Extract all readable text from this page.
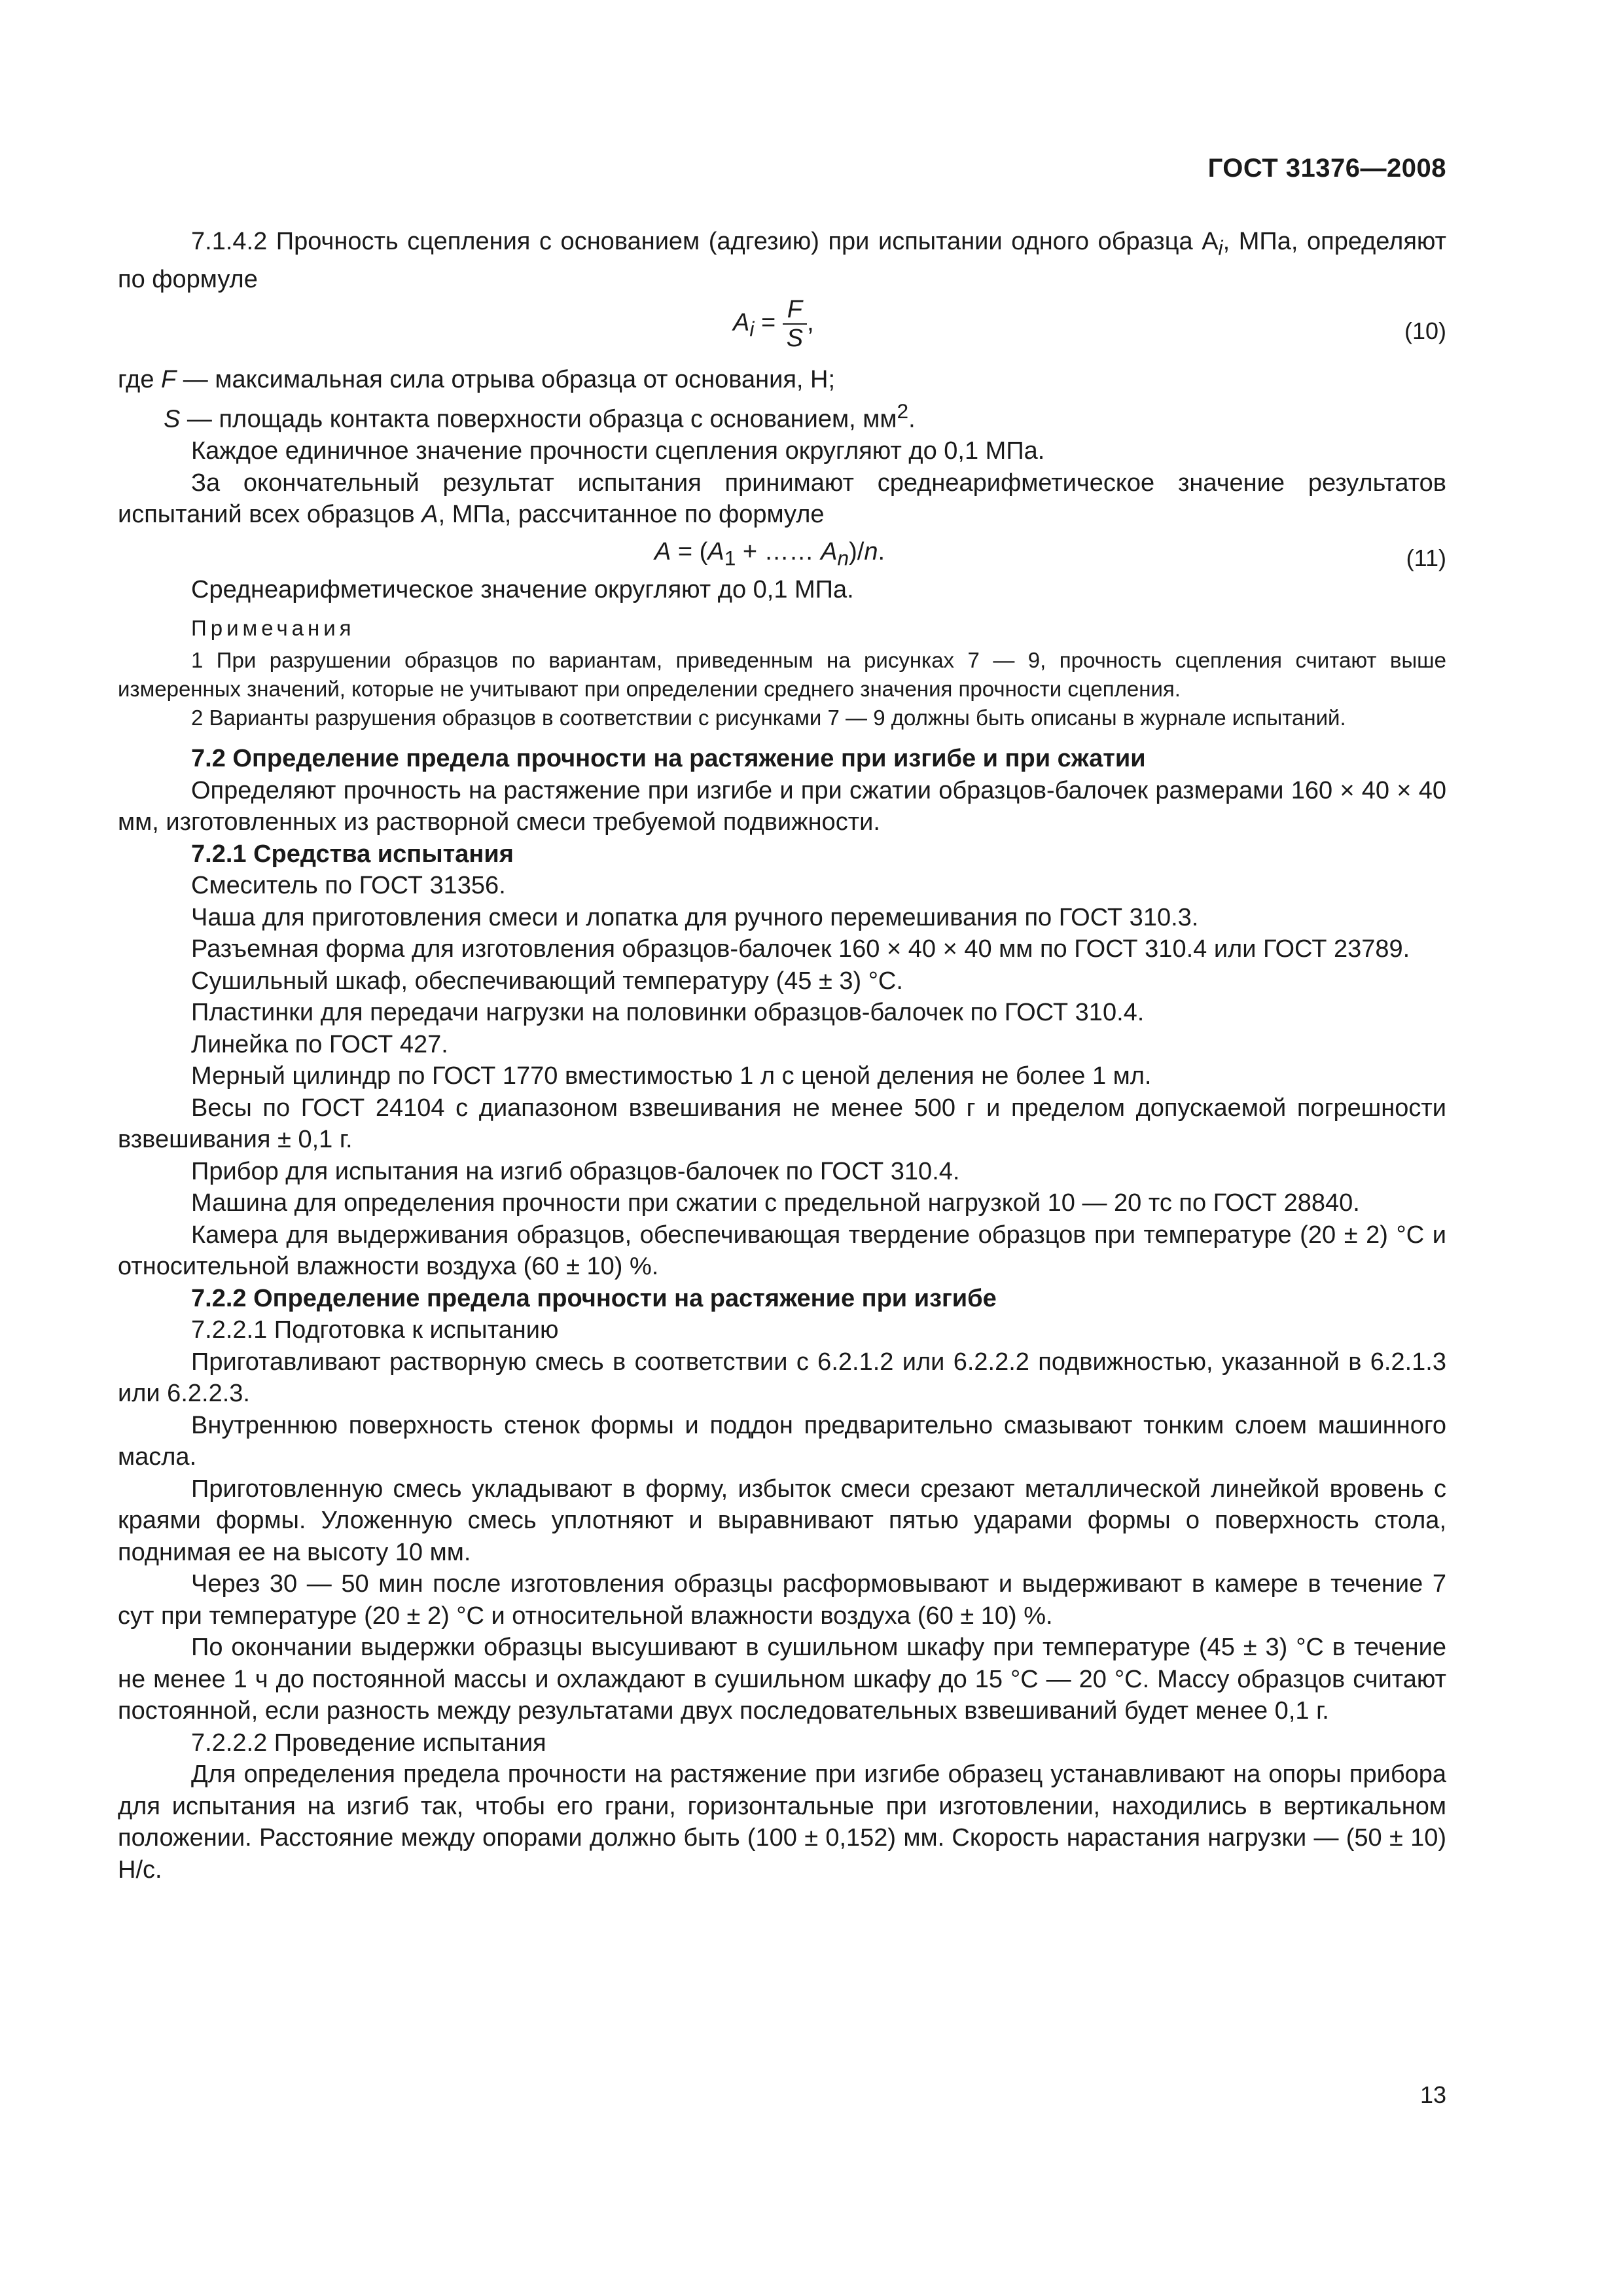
ГОСТ 31376—2008

7.1.4.2 Прочность сцепления с основанием (адгезию) при испытании одного образца $A_i$, МПа, определяют по формуле

$A_i = \frac{F}{S}$ ,	(10)

где F — максимальная сила отрыва образца от основания, Н;

S — площадь контакта поверхности образца с основанием, $мм^2$.

Каждое единичное значение прочности сцепления округляют до 0,1 МПа.

За окончательный результат испытания принимают среднеарифметическое значение результатов испытаний всех образцов A, МПа, рассчитанное по формуле

$A = (A_1$ + …… $A_n)/n$.	(11)

Среднеарифметическое значение округляют до 0,1 МПа.

Примечания

1 При разрушении образцов по вариантам, приведенным на рисунках 7 — 9, прочность сцепления считают выше измеренных значений, которые не учитывают при определении среднего значения прочности сцепления.

2 Варианты разрушения образцов в соответствии с рисунками 7 — 9 должны быть описаны в журнале испытаний.

7.2 Определение предела прочности на растяжение при изгибе и при сжатии

Определяют прочность на растяжение при изгибе и при сжатии образцов-балочек размерами 160 × 40 × 40 мм, изготовленных из растворной смеси требуемой подвижности.

7.2.1 Средства испытания

Смеситель по ГОСТ 31356.

Чаша для приготовления смеси и лопатка для ручного перемешивания по ГОСТ 310.3.

Разъемная форма для изготовления образцов-балочек 160 × 40 × 40 мм по ГОСТ 310.4 или ГОСТ 23789.

Сушильный шкаф, обеспечивающий температуру (45 ± 3) °С.

Пластинки для передачи нагрузки на половинки образцов-балочек по ГОСТ 310.4.

Линейка по ГОСТ 427.

Мерный цилиндр по ГОСТ 1770 вместимостью 1 л с ценой деления не более 1 мл.

Весы по ГОСТ 24104 с диапазоном взвешивания не менее 500 г и пределом допускаемой погрешности взвешивания ± 0,1 г.

Прибор для испытания на изгиб образцов-балочек по ГОСТ 310.4.

Машина для определения прочности при сжатии с предельной нагрузкой 10 — 20 тс по ГОСТ 28840.

Камера для выдерживания образцов, обеспечивающая твердение образцов при температуре (20 ± 2) °С и относительной влажности воздуха (60 ± 10) %.

7.2.2 Определение предела прочности на растяжение при изгибе

7.2.2.1 Подготовка к испытанию

Приготавливают растворную смесь в соответствии с 6.2.1.2 или 6.2.2.2 подвижностью, указанной в 6.2.1.3 или 6.2.2.3.

Внутреннюю поверхность стенок формы и поддон предварительно смазывают тонким слоем машинного масла.

Приготовленную смесь укладывают в форму, избыток смеси срезают металлической линейкой вровень с краями формы. Уложенную смесь уплотняют и выравнивают пятью ударами формы о поверхность стола, поднимая ее на высоту 10 мм.

Через 30 — 50 мин после изготовления образцы расформовывают и выдерживают в камере в течение 7 сут при температуре (20 ± 2) °С и относительной влажности воздуха (60 ± 10) %.

По окончании выдержки образцы высушивают в сушильном шкафу при температуре (45 ± 3) °С в течение не менее 1 ч до постоянной массы и охлаждают в сушильном шкафу до 15 °С — 20 °С. Массу образцов считают постоянной, если разность между результатами двух последовательных взвешиваний будет менее 0,1 г.

7.2.2.2 Проведение испытания

Для определения предела прочности на растяжение при изгибе образец устанавливают на опоры прибора для испытания на изгиб так, чтобы его грани, горизонтальные при изготовлении, находились в вертикальном положении. Расстояние между опорами должно быть (100 ± 0,152) мм. Скорость нарастания нагрузки — (50 ± 10) Н/с.

13
